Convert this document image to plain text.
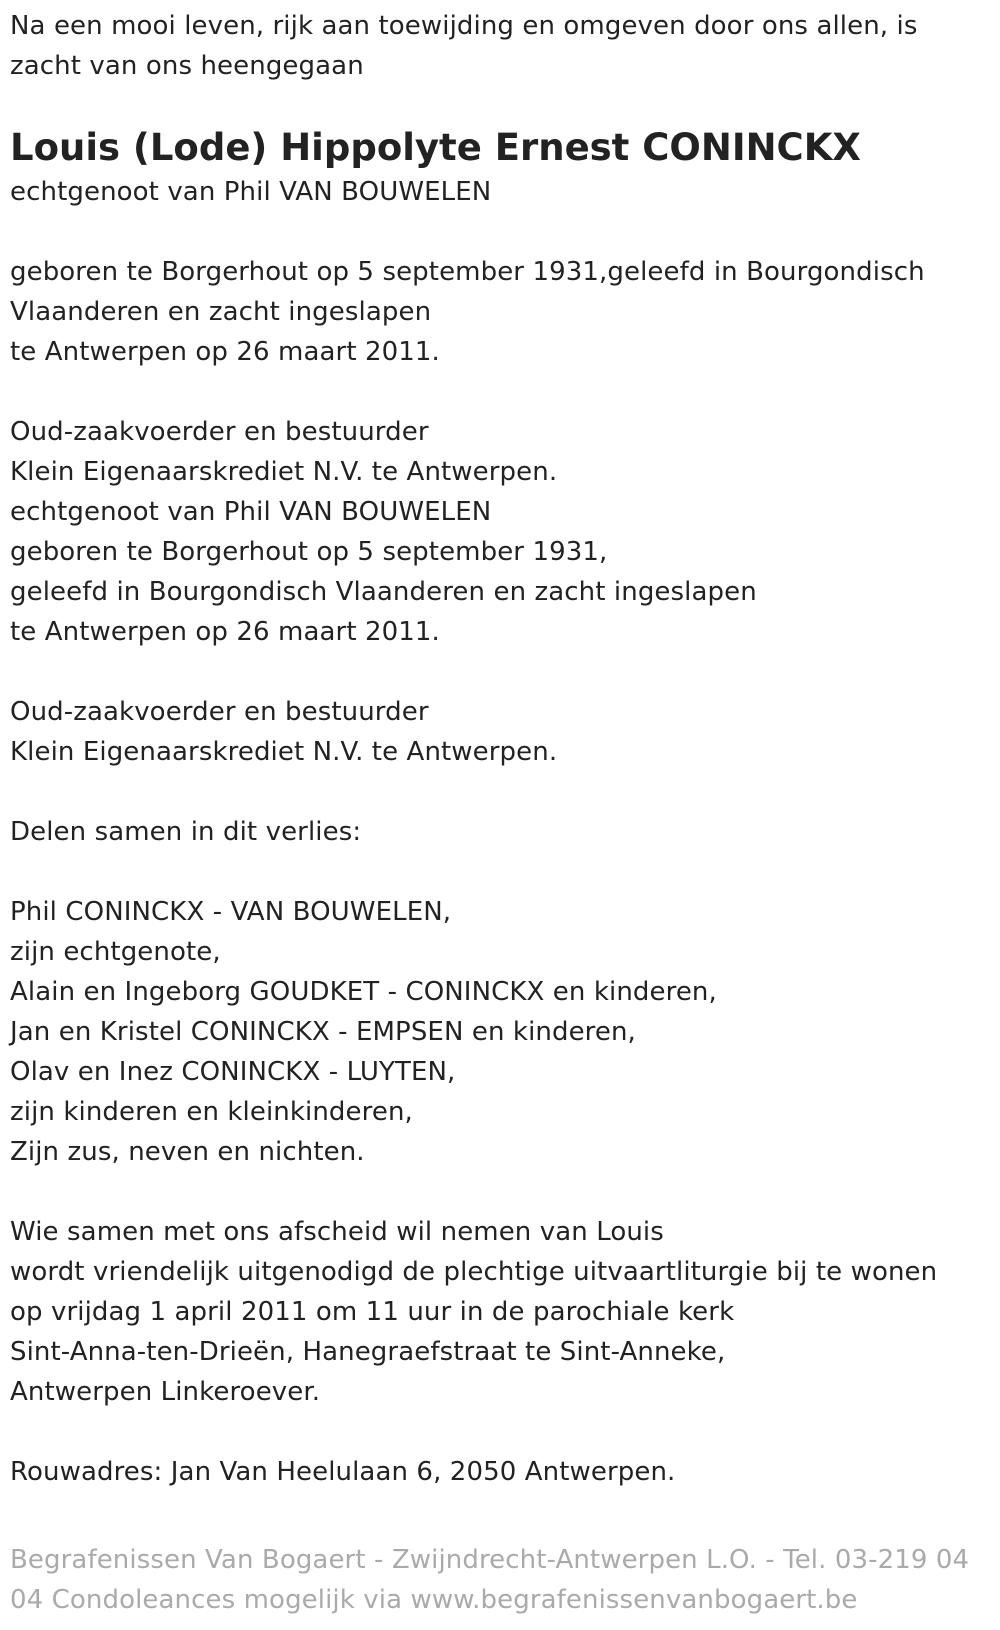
Na een mooi leven, rijk aan toewijding en omgeven door ons allen, is
zacht van ons heengegaan
Louis (Lode) Hippolyte Ernest CONINCKX
echtgenoot van Phil VAN BOUWELEN
geboren te Borgerhout op 5 september 1931,geleefd in Bourgondisch
Vlaanderen en zacht ingeslapen
te Antwerpen op 26 maart 2011.
Oud-zaakvoerder en bestuurder
Klein Eigenaarskrediet N.V. te Antwerpen.
echtgenoot van Phil VAN BOUWELEN
geboren te Borgerhout op 5 september 1931,
geleefd in Bourgondisch Vlaanderen en zacht ingeslapen
te Antwerpen op 26 maart 2011.
Oud-zaakvoerder en bestuurder
Klein Eigenaarskrediet N.V. te Antwerpen.
Delen samen in dit verlies:
Phil CONINCKX - VAN BOUWELEN,
zijn echtgenote,
Alain en Ingeborg GOUDKET - CONINCKX en kinderen,
Jan en Kristel CONINCKX - EMPSEN en kinderen,
Olav en Inez CONINCKX - LUYTEN,
zijn kinderen en kleinkinderen,
Zijn zus, neven en nichten.
Wie samen met ons afscheid wil nemen van Louis
wordt vriendelijk uitgenodigd de plechtige uitvaartliturgie bij te wonen
op vrijdag 1 april 2011 om 11 uur in de parochiale kerk
Sint-Anna-ten-Drieën, Hanegraefstraat te Sint-Anneke,
Antwerpen Linkeroever.
Rouwadres: Jan Van Heelulaan 6, 2050 Antwerpen.
Begrafenissen Van Bogaert - Zwijndrecht-Antwerpen L.O. - Tel. 03-219 04
04 Condoleances mogelijk via www.begrafenissenvanbogaert.be
